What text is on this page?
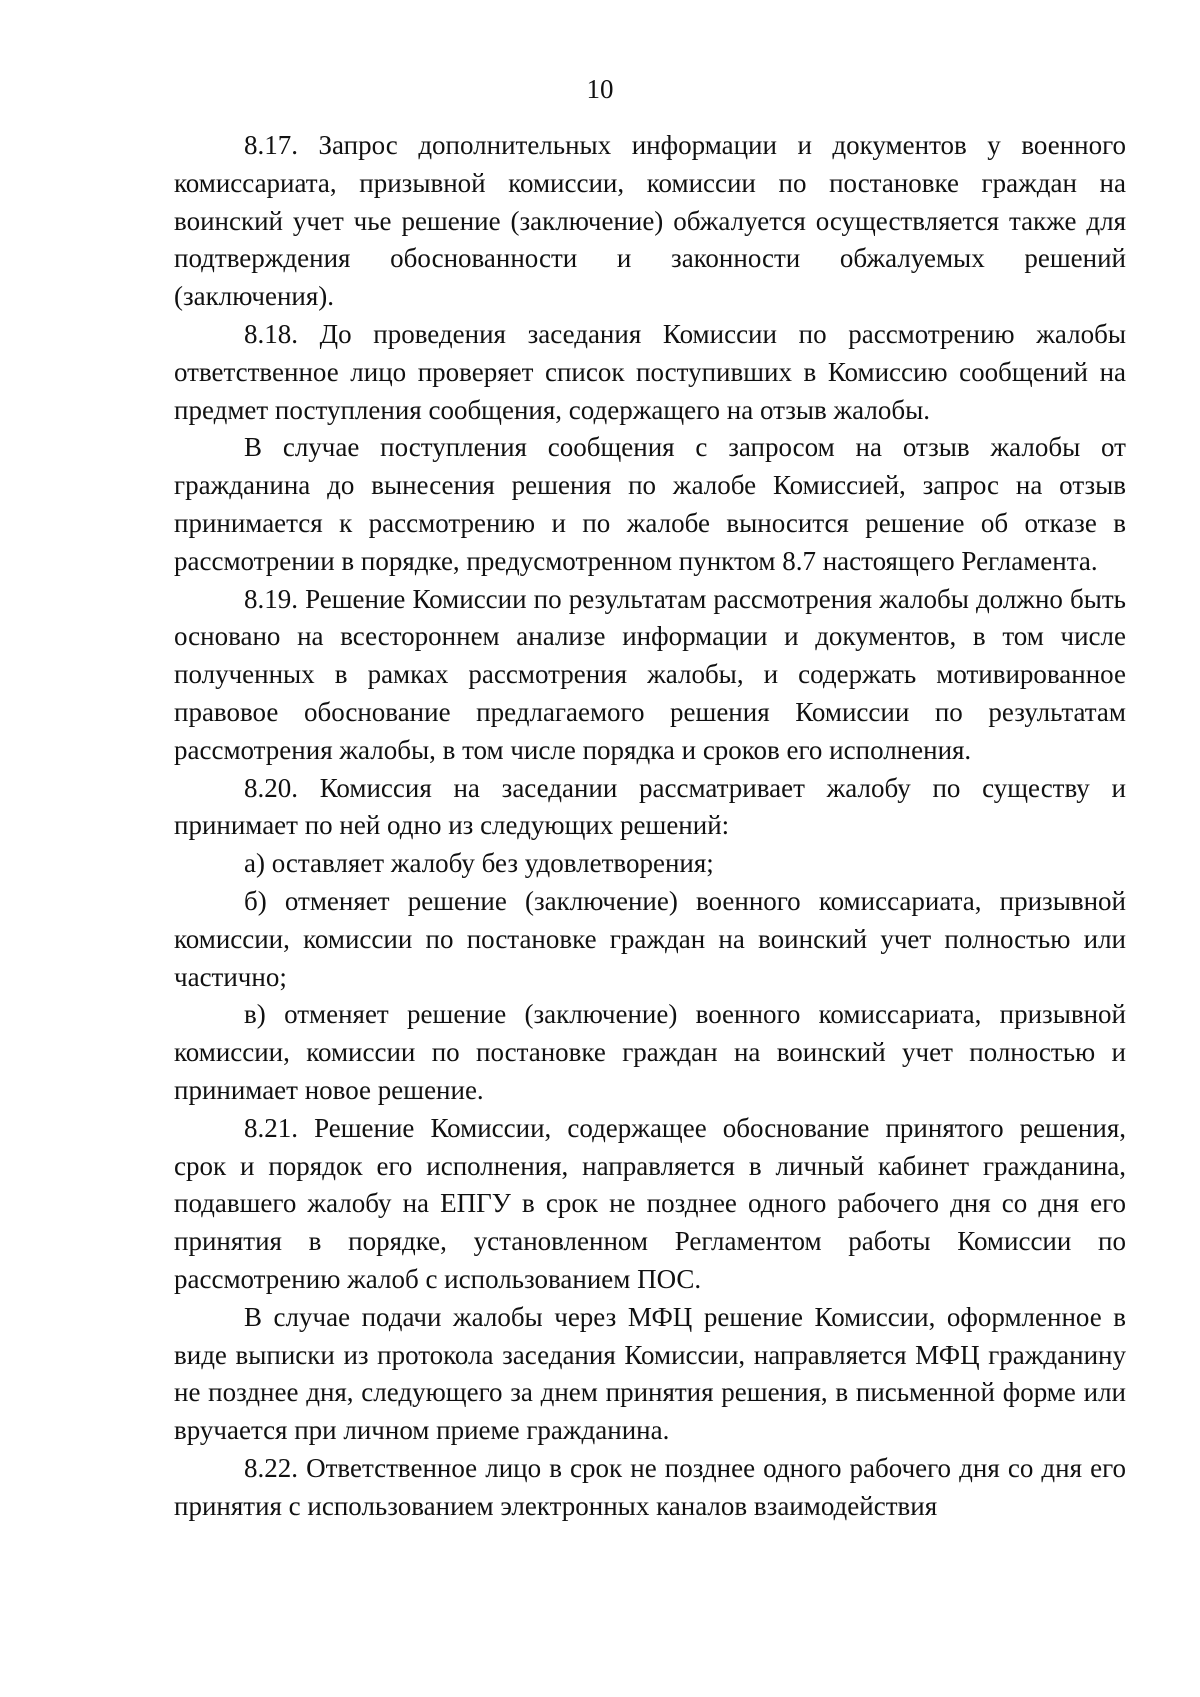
10

8.17. Запрос дополнительных информации и документов у военного комиссариата, призывной комиссии, комиссии по постановке граждан на воинский учет чье решение (заключение) обжалуется осуществляется также для подтверждения обоснованности и законности обжалуемых решений (заключения).

8.18. До проведения заседания Комиссии по рассмотрению жалобы ответственное лицо проверяет список поступивших в Комиссию сообщений на предмет поступления сообщения, содержащего на отзыв жалобы.

В случае поступления сообщения с запросом на отзыв жалобы от гражданина до вынесения решения по жалобе Комиссией, запрос на отзыв принимается к рассмотрению и по жалобе выносится решение об отказе в рассмотрении в порядке, предусмотренном пунктом 8.7 настоящего Регламента.

8.19. Решение Комиссии по результатам рассмотрения жалобы должно быть основано на всестороннем анализе информации и документов, в том числе полученных в рамках рассмотрения жалобы, и содержать мотивированное правовое обоснование предлагаемого решения Комиссии по результатам рассмотрения жалобы, в том числе порядка и сроков его исполнения.

8.20. Комиссия на заседании рассматривает жалобу по существу и принимает по ней одно из следующих решений:

а) оставляет жалобу без удовлетворения;

б) отменяет решение (заключение) военного комиссариата, призывной комиссии, комиссии по постановке граждан на воинский учет полностью или частично;

в) отменяет решение (заключение) военного комиссариата, призывной комиссии, комиссии по постановке граждан на воинский учет полностью и принимает новое решение.

8.21. Решение Комиссии, содержащее обоснование принятого решения, срок и порядок его исполнения, направляется в личный кабинет гражданина, подавшего жалобу на ЕПГУ в срок не позднее одного рабочего дня со дня его принятия в порядке, установленном Регламентом работы Комиссии по рассмотрению жалоб с использованием ПОС.

В случае подачи жалобы через МФЦ решение Комиссии, оформленное в виде выписки из протокола заседания Комиссии, направляется МФЦ гражданину не позднее дня, следующего за днем принятия решения, в письменной форме или вручается при личном приеме гражданина.

8.22. Ответственное лицо в срок не позднее одного рабочего дня со дня его принятия с использованием электронных каналов взаимодействия
